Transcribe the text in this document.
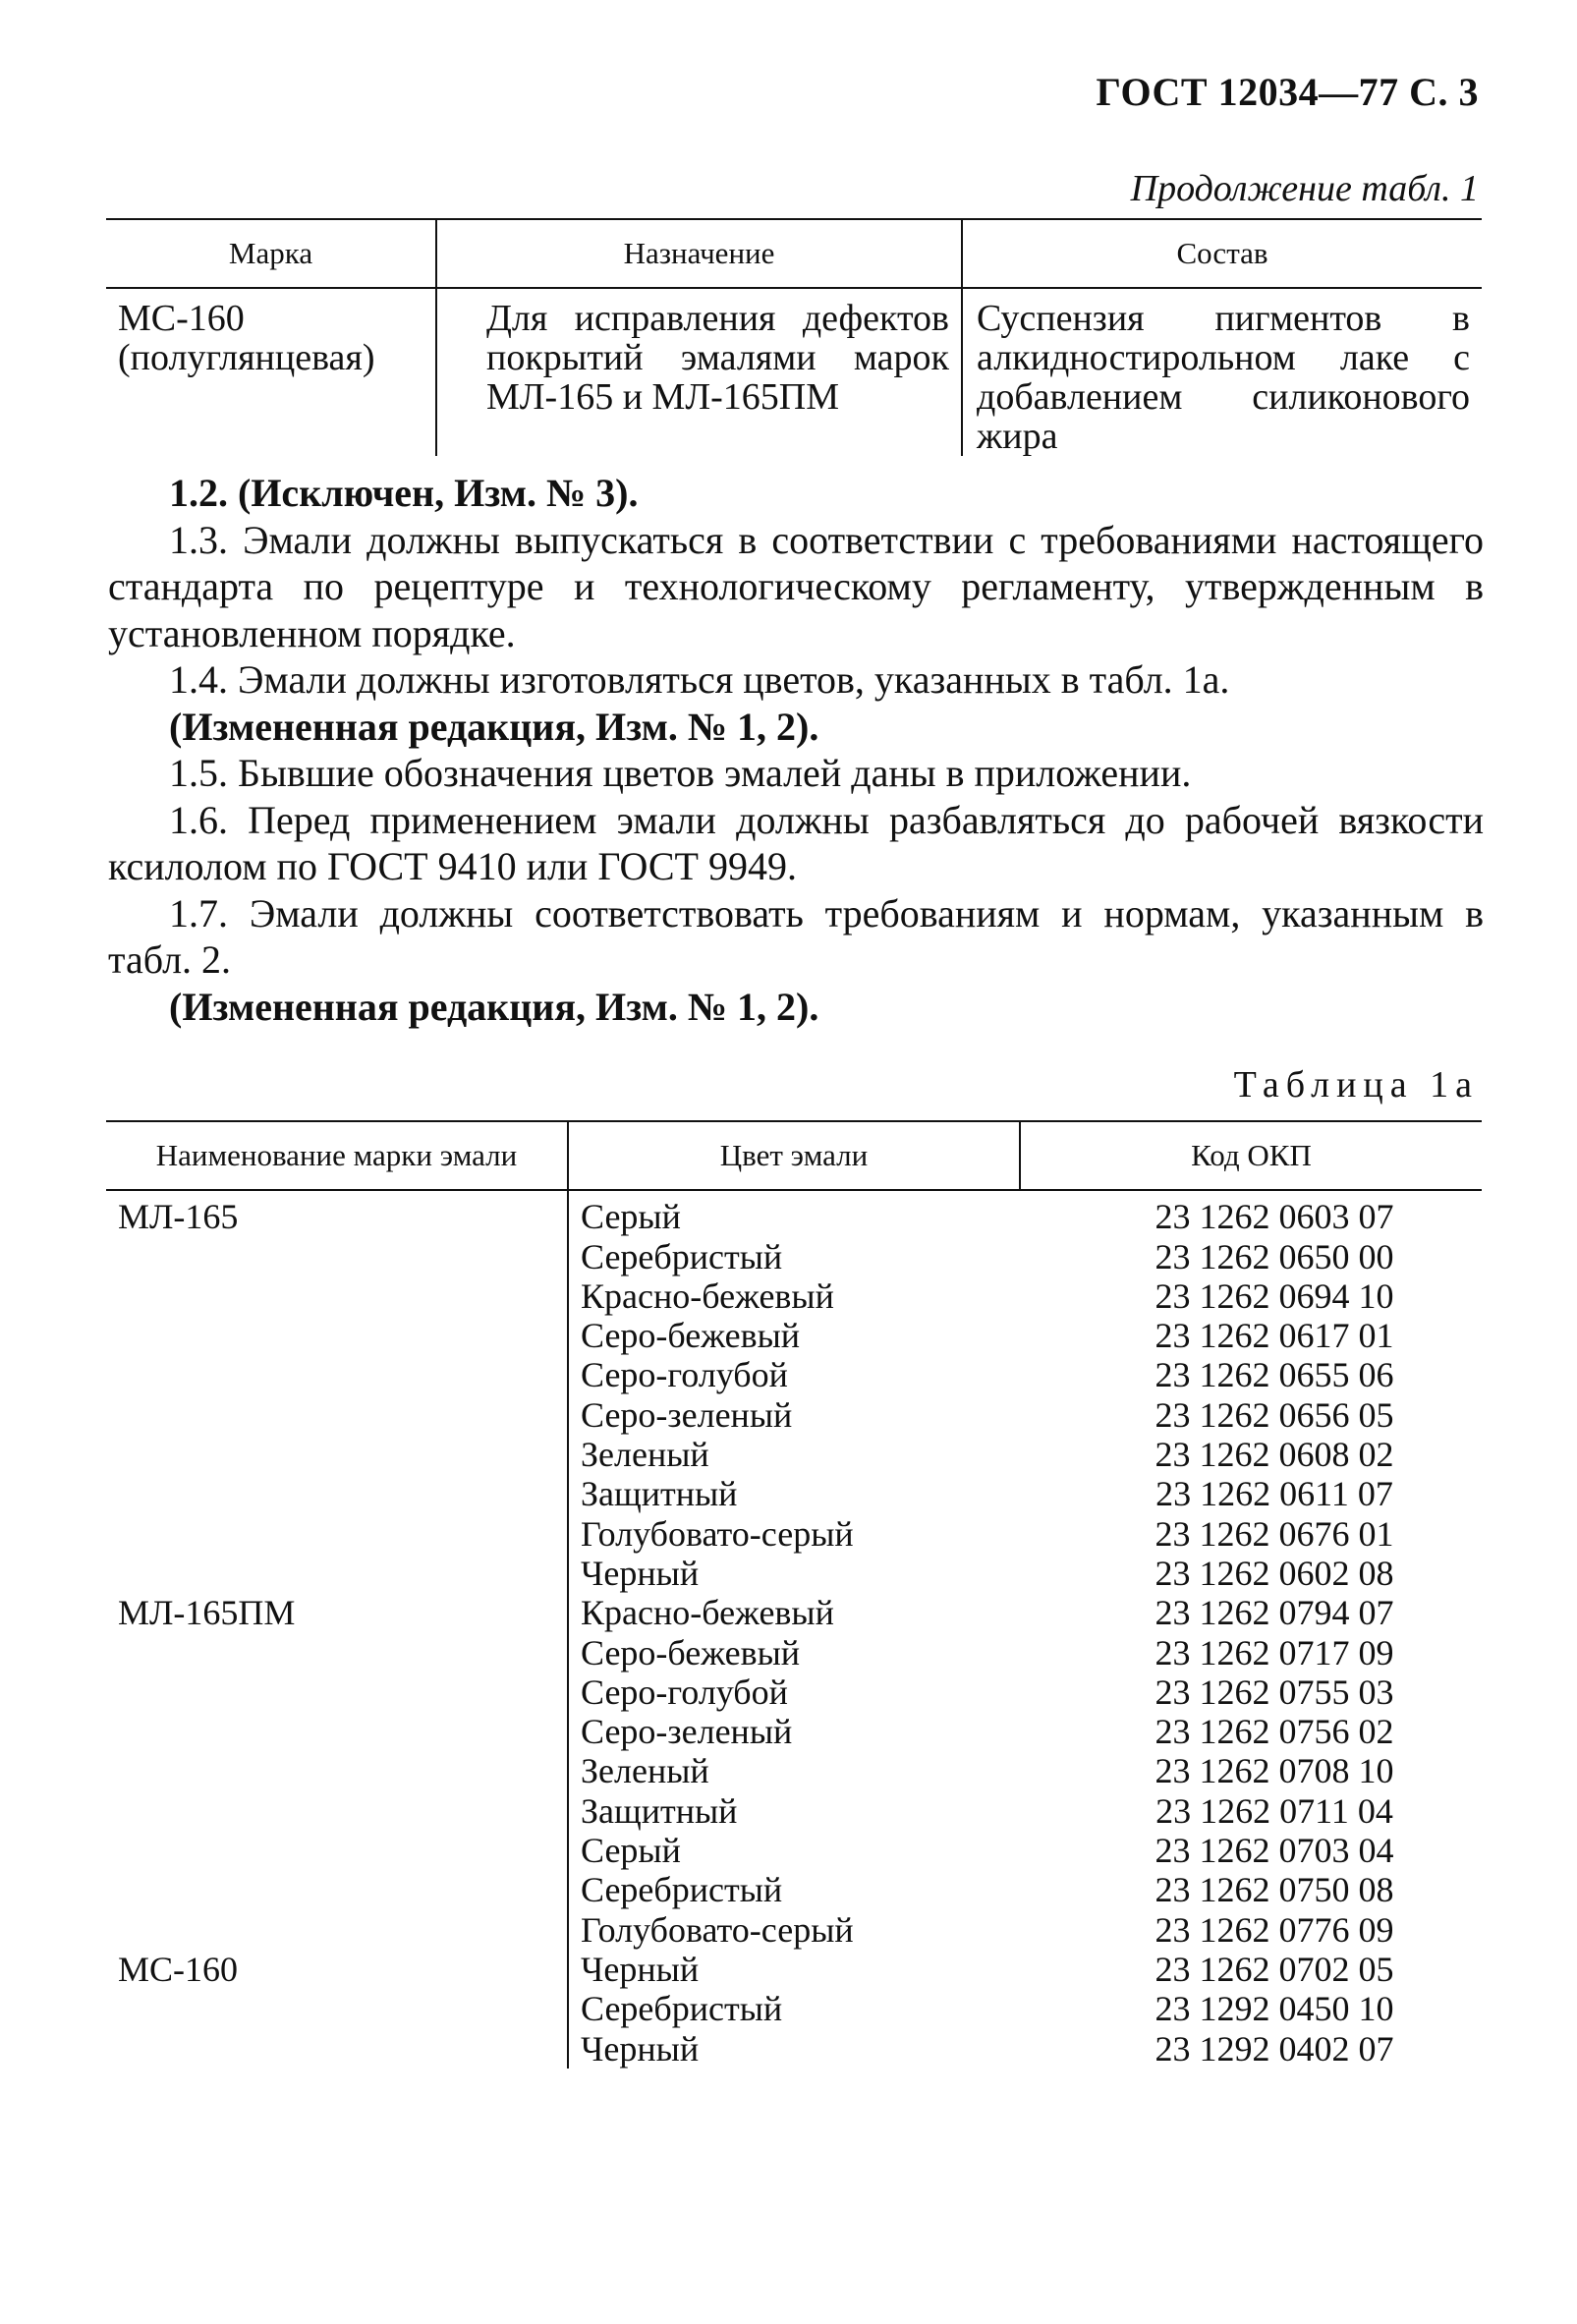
ГОСТ 12034—77 С. 3
Продолжение табл. 1
Марка	Назначение	Состав
МС-160 (полуглянцевая)	Для исправления дефектов покрытий эмалями марок МЛ-165 и МЛ-165ПМ	Суспензия пигментов в алкидностирольном лаке с добавлением силиконового жира

1.2. (Исключен, Изм. № 3).

1.3. Эмали должны выпускаться в соответствии с требованиями настоящего стандарта по рецептуре и технологическому регламенту, утвержденным в установленном порядке.

1.4. Эмали должны изготовляться цветов, указанных в табл. 1а.

(Измененная редакция, Изм. № 1, 2).

1.5. Бывшие обозначения цветов эмалей даны в приложении.

1.6. Перед применением эмали должны разбавляться до рабочей вязкости ксилолом по ГОСТ 9410 или ГОСТ 9949.

1.7. Эмали должны соответствовать требованиям и нормам, указанным в табл. 2.

(Измененная редакция, Изм. № 1, 2).

Таблица 1а
Наименование марки эмали	Цвет эмали	Код ОКП
МЛ-165	Серый	23 1262 0603 07
	Серебристый	23 1262 0650 00
	Красно-бежевый	23 1262 0694 10
	Серо-бежевый	23 1262 0617 01
	Серо-голубой	23 1262 0655 06
	Серо-зеленый	23 1262 0656 05
	Зеленый	23 1262 0608 02
	Защитный	23 1262 0611 07
	Голубовато-серый	23 1262 0676 01
	Черный	23 1262 0602 08
МЛ-165ПМ	Красно-бежевый	23 1262 0794 07
	Серо-бежевый	23 1262 0717 09
	Серо-голубой	23 1262 0755 03
	Серо-зеленый	23 1262 0756 02
	Зеленый	23 1262 0708 10
	Защитный	23 1262 0711 04
	Серый	23 1262 0703 04
	Серебристый	23 1262 0750 08
	Голубовато-серый	23 1262 0776 09
МС-160	Черный	23 1262 0702 05
	Серебристый	23 1292 0450 10
	Черный	23 1292 0402 07
